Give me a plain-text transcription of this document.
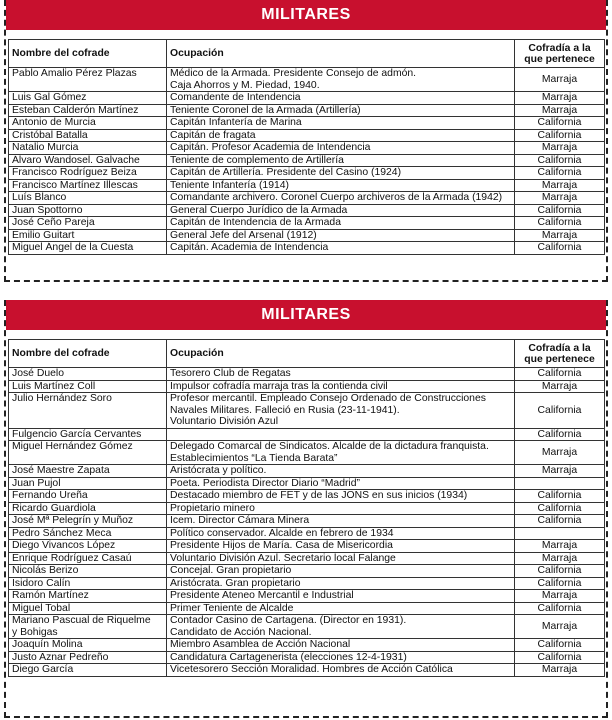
MILITARES
Nombre del cofrade	Ocupación	Cofradía a la
que pertenece
Pablo Amalio Pérez Plazas	Médico de la Armada. Presidente Consejo de admón.
Caja Ahorros y M. Piedad, 1940.	Marraja
Luis Gal Gómez	Comandente de Intendencia	Marraja
Esteban Calderón Martínez	Teniente Coronel de la Armada (Artillería)	Marraja
Antonio de Murcia	Capitán Infantería de Marina	California
Cristóbal Batalla	Capitán de fragata	California
Natalio Murcia	Capitán. Profesor Academia de Intendencia	Marraja
Álvaro Wandosel. Galvache	Teniente de complemento de Artillería	California
Francisco Rodríguez Beiza	Capitán de Artillería. Presidente del Casino (1924)	California
Francisco Martínez Illescas	Teniente Infantería (1914)	Marraja
Luís Blanco	Comandante archivero. Coronel Cuerpo archiveros de la Armada (1942)	Marraja
Juan Spottorno	General Cuerpo Jurídico de la Armada	California
José Ceño Pareja	Capitán de Intendencia de la Armada	California
Emilio Guitart	General Jefe del Arsenal (1912)	Marraja
Miguel Ángel de la Cuesta	Capitán. Academia de Intendencia	California
MILITARES
Nombre del cofrade	Ocupación	Cofradía a la
que pertenece
José Duelo	Tesorero Club de Regatas	California
Luis Martínez Coll	Impulsor cofradía marraja tras la contienda civil	Marraja
Julio Hernández Soro	Profesor mercantil. Empleado Consejo Ordenado de Construcciones
Navales Militares. Falleció en Rusia (23-11-1941).
Voluntario División Azul	California
Fulgencio García Cervantes		California
Miguel Hernández Gómez	Delegado Comarcal de Sindicatos. Alcalde de la dictadura franquista.
Establecimientos “La Tienda Barata”	Marraja
José Maestre Zapata	Aristócrata y político.	Marraja
Juan Pujol	Poeta. Periodista Director Diario “Madrid”	
Fernando Ureña	Destacado miembro de FET y de las JONS en sus inicios (1934)	California
Ricardo Guardiola	Propietario minero	California
José Mª Pelegrín y Muñoz	Icem. Director Cámara Minera	California
Pedro Sánchez Meca	Político conservador. Alcalde en febrero de 1934	
Diego Vivancos López	Presidente Hijos de María. Casa de Misericordia	Marraja
Enrique Rodríguez Casaú	Voluntario División Azul. Secretario local Falange	Marraja
Nicolás Berizo	Concejal. Gran propietario	California
Isidoro Calín	Aristócrata. Gran propietario	California
Ramón Martínez	Presidente Ateneo Mercantil e Industrial	Marraja
Miguel Tobal	Primer Teniente de Alcalde	California
Mariano Pascual de Riquelme
y Bohigas	Contador Casino de Cartagena. (Director en 1931).
Candidato de Acción Nacional.	Marraja
Joaquín Molina	Miembro Asamblea de Acción Nacional	California
Justo Aznar Pedreño	Candidatura Cartagenerista (elecciones 12-4-1931)	California
Diego García	Vicetesorero Sección Moralidad. Hombres de Acción Católica	Marraja
